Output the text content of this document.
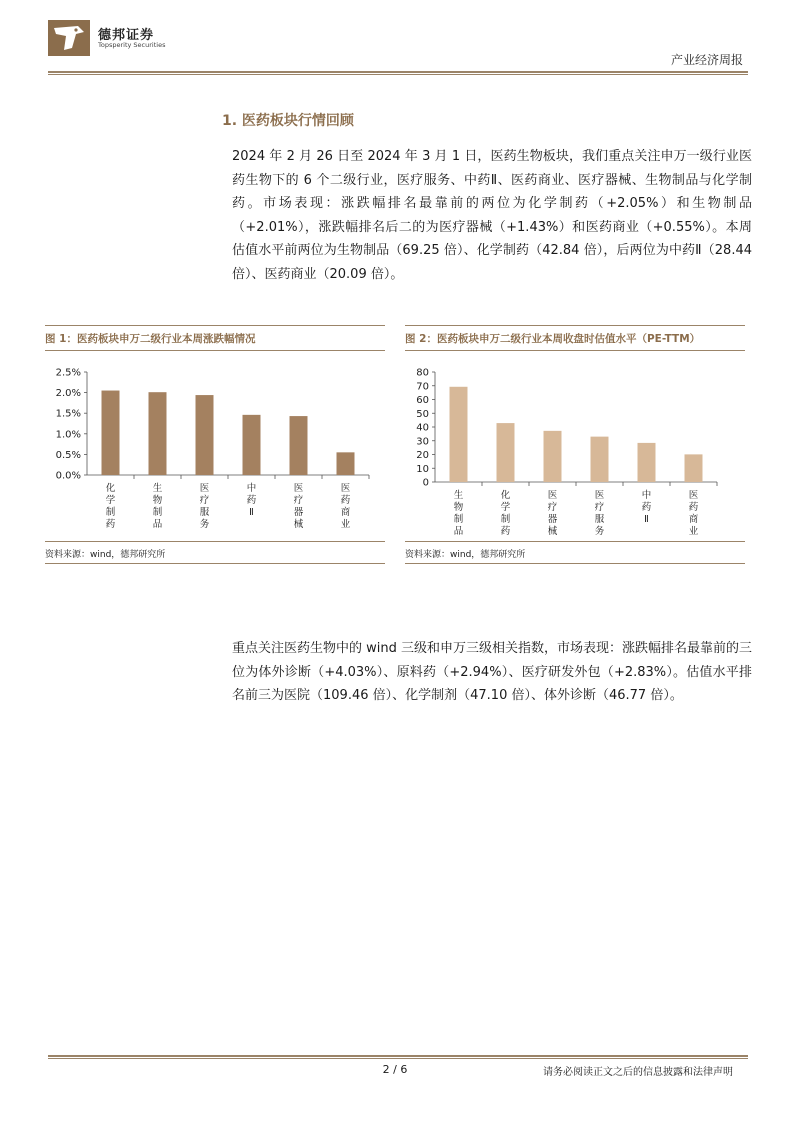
德邦证券
Topsperity Securities
产业经济周报
1. 医药板块行情回顾
2024 年 2 月 26 日至 2024 年 3 月 1 日，医药生物板块，我们重点关注申万一级行业医药生物下的 6 个二级行业，医疗服务、中药Ⅱ、医药商业、医疗器械、生物制品与化学制药。市场表现：涨跌幅排名最靠前的两位为化学制药（+2.05%）和生物制品（+2.01%），涨跌幅排名后二的为医疗器械（+1.43%）和医药商业（+0.55%）。本周估值水平前两位为生物制品（69.25 倍）、化学制药（42.84 倍），后两位为中药Ⅱ（28.44 倍）、医药商业（20.09 倍）。
图 1：医药板块申万二级行业本周涨跌幅情况
0.0%
0.5%
1.0%
1.5%
2.0%
2.5%
化学制药
生物制品
医疗服务
中药 Ⅱ
医疗器械
医药商业
资料来源：wind，德邦研究所
图 2：医药板块申万二级行业本周收盘时估值水平（PE-TTM）
0
10
20
30
40
50
60
70
80
生物制品
化学制药
医疗器械
医疗服务
中药 Ⅱ
医药商业
资料来源：wind，德邦研究所
重点关注医药生物中的 wind 三级和申万三级相关指数，市场表现：涨跌幅排名最靠前的三位为体外诊断（+4.03%）、原料药（+2.94%）、医疗研发外包（+2.83%）。估值水平排名前三为医院（109.46 倍）、化学制剂（47.10 倍）、体外诊断（46.77 倍）。
2 / 6	请务必阅读正文之后的信息披露和法律声明
